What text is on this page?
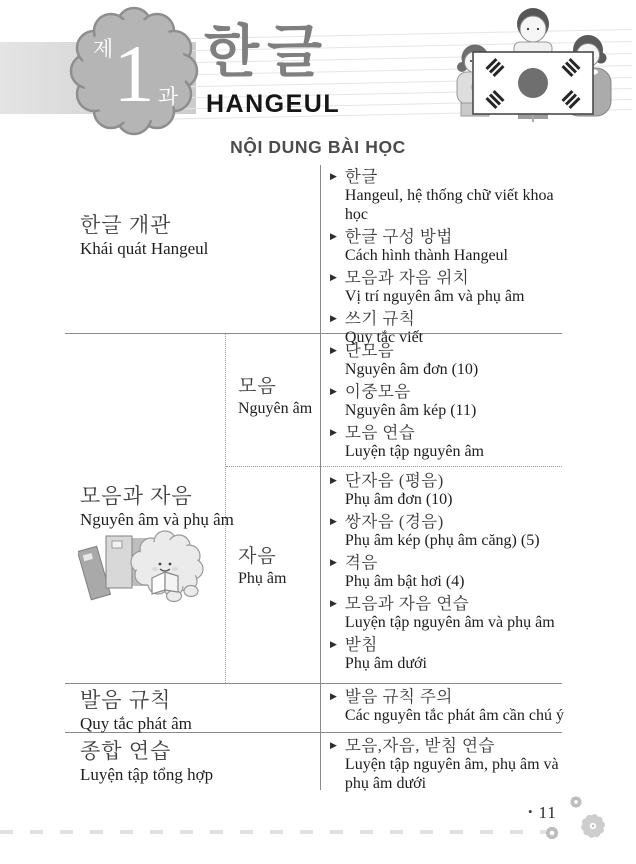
제 1 과
한글
HANGEUL
NỘI DUNG BÀI HỌC
한글 개관
Khái quát Hangeul
▶ 한글
Hangeul, hệ thống chữ viết khoa học
▶ 한글 구성 방법
Cách hình thành Hangeul
▶ 모음과 자음 위치
Vị trí nguyên âm và phụ âm
▶ 쓰기 규칙
Quy tắc viết
모음과 자음
Nguyên âm và phụ âm
모음
Nguyên âm
▶ 단모음
Nguyên âm đơn (10)
▶ 이중모음
Nguyên âm kép (11)
▶ 모음 연습
Luyện tập nguyên âm
자음
Phụ âm
▶ 단자음 (평음)
Phụ âm đơn (10)
▶ 쌍자음 (경음)
Phụ âm kép (phụ âm căng) (5)
▶ 격음
Phụ âm bật hơi (4)
▶ 모음과 자음 연습
Luyện tập nguyên âm và phụ âm
▶ 받침
Phụ âm dưới
발음 규칙
Quy tắc phát âm
▶ 발음 규칙 주의
Các nguyên tắc phát âm cần chú ý
종합 연습
Luyện tập tổng hợp
▶ 모음,자음, 받침 연습
Luyện tập nguyên âm, phụ âm và phụ âm dưới
• 11
